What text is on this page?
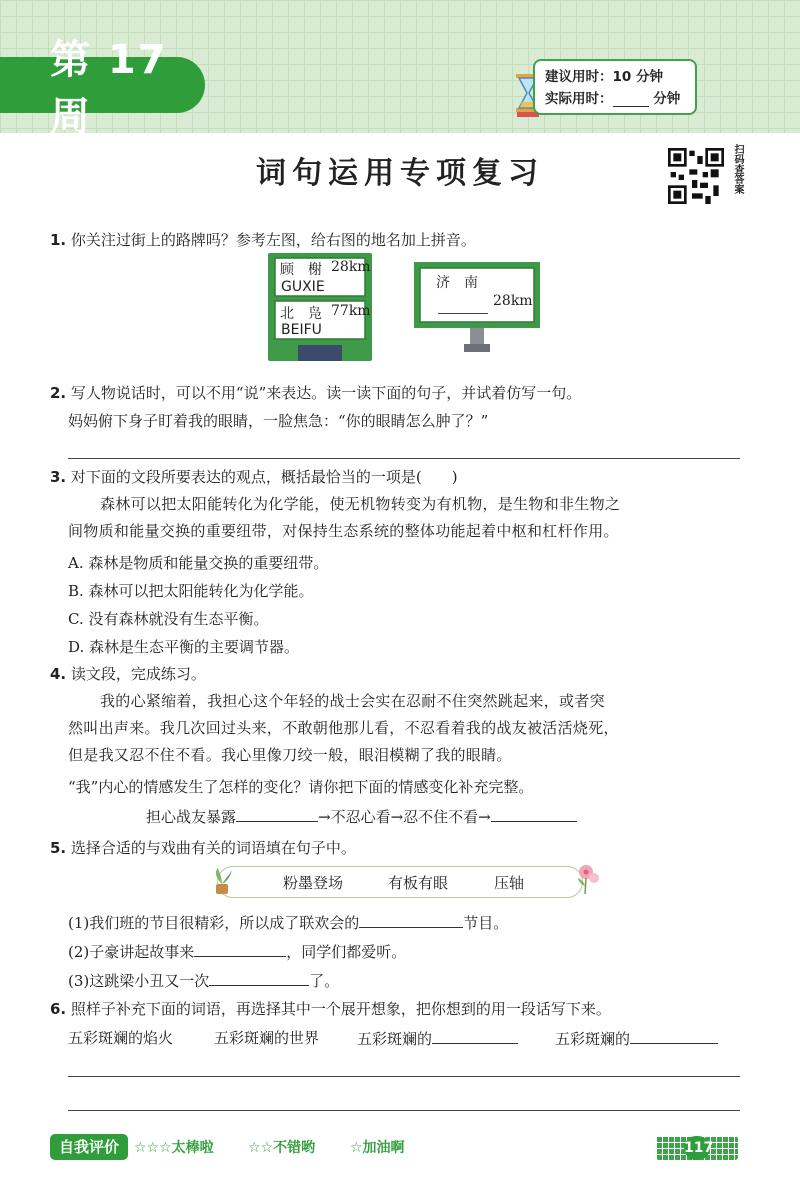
第 17 周
建议用时：10 分钟
实际用时：	分钟
词句运用专项复习	扫码查答案
1. 你关注过街上的路牌吗？参考左图，给右图的地名加上拼音。
顾　榭 28km
GUXIE
北　凫 77km
BEIFU
济　南
28km
2. 写人物说话时，可以不用“说”来表达。读一读下面的句子，并试着仿写一句。
妈妈俯下身子盯着我的眼睛，一脸焦急：“你的眼睛怎么肿了？”
3. 对下面的文段所要表达的观点，概括最恰当的一项是(　　)
森林可以把太阳能转化为化学能，使无机物转变为有机物，是生物和非生物之
间物质和能量交换的重要纽带，对保持生态系统的整体功能起着中枢和杠杆作用。
A. 森林是物质和能量交换的重要纽带。
B. 森林可以把太阳能转化为化学能。
C. 没有森林就没有生态平衡。
D. 森林是生态平衡的主要调节器。
4. 读文段，完成练习。
我的心紧缩着，我担心这个年轻的战士会实在忍耐不住突然跳起来，或者突
然叫出声来。我几次回过头来，不敢朝他那儿看，不忍看着我的战友被活活烧死，
但是我又忍不住不看。我心里像刀绞一般，眼泪模糊了我的眼睛。
“我”内心的情感发生了怎样的变化？请你把下面的情感变化补充完整。
担心战友暴露	→不忍心看→忍不住不看→
5. 选择合适的与戏曲有关的词语填在句子中。
粉墨登场	有板有眼	压轴
(1)我们班的节目很精彩，所以成了联欢会的	节目。
(2)子豪讲起故事来	，同学们都爱听。
(3)这跳梁小丑又一次	了。
6. 照样子补充下面的词语，再选择其中一个展开想象，把你想到的用一段话写下来。
五彩斑斓的焰火	五彩斑斓的世界	五彩斑斓的	五彩斑斓的
自我评价	☆☆☆太棒啦 ☆☆不错哟 ☆加油啊	117
